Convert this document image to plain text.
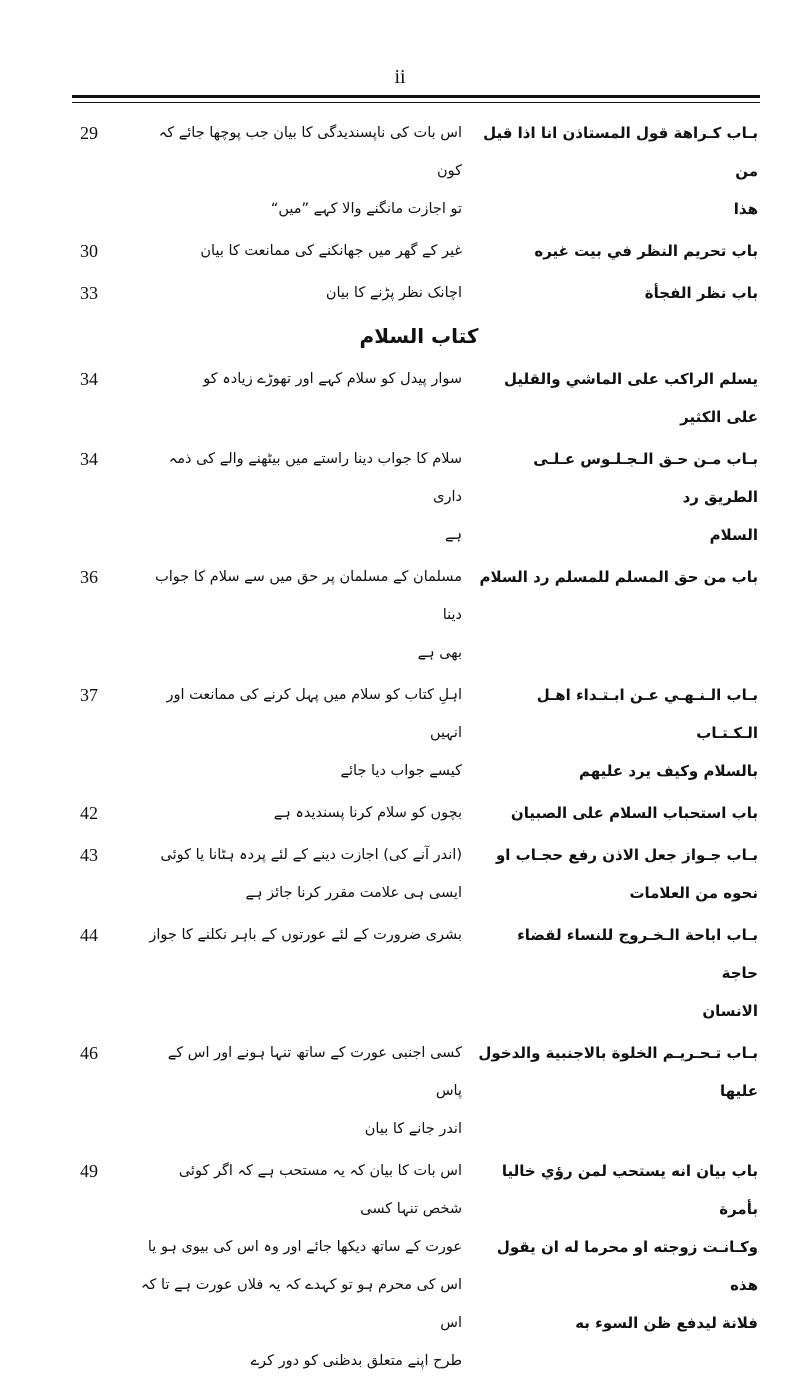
ii
بـاب كـراهة قول المستاذن انا اذا قيل من
هذا
اس بات کی ناپسندیدگی کا بیان جب پوچھا جائے کہ کون
تو اجازت مانگنے والا کہے ”میں“
29
باب تحريم النظر في بيت غيره
غیر کے گھر میں جھانکنے کی ممانعت کا بیان
30
باب نظر الفجأة
اچانک نظر پڑنے کا بیان
33
كتاب السلام
يسلم الراكب على الماشي والقليل على الكثير
سوار پیدل کو سلام کہے اور تھوڑے زیادہ کو
34
بـاب مـن حـق الـجـلـوس عـلـى الطريق رد
السلام
سلام کا جواب دینا راستے میں بیٹھنے والے کی ذمہ داری
ہے
34
باب من حق المسلم للمسلم رد السلام
مسلمان کے مسلمان پر حق میں سے سلام کا جواب دینا
بھی ہے
36
بـاب الـنـهـي عـن ابـتـداء اهـل الـكـتـاب
بالسلام وكيف يرد عليهم
اہلِ کتاب کو سلام میں پہل کرنے کی ممانعت اور انہیں
کیسے جواب دیا جائے
37
باب استحباب السلام على الصبيان
بچوں کو سلام کرنا پسندیدہ ہے
42
بـاب جـواز جعل الاذن رفع حجـاب او
نحوه من العلامات
(اندر آنے کی) اجازت دینے کے لئے پردہ ہٹانا یا کوئی
ایسی ہی علامت مقرر کرنا جائز ہے
43
بـاب اباحة الـخـروج للنساء لقضاء حاجة
الانسان
بشری ضرورت کے لئے عورتوں کے باہر نکلنے کا جواز
44
بـاب تـحـريـم الخلوة بالاجنبية والدخول
عليها
کسی اجنبی عورت کے ساتھ تنہا ہونے اور اس کے پاس
اندر جانے کا بیان
46
باب بيان انه يستحب لمن رؤي خاليا بأمرة
وكـانـت زوجته او محرما له ان يقول هذه
فلانة ليدفع ظن السوء به
اس بات کا بیان کہ یہ مستحب ہے کہ اگر کوئی شخص تنہا کسی
عورت کے ساتھ دیکھا جائے اور وہ اس کی بیوی ہو یا
اس کی محرم ہو تو کہدے کہ یہ فلاں عورت ہے تا کہ اس
طرح اپنے متعلق بدظنی کو دور کرے
49
